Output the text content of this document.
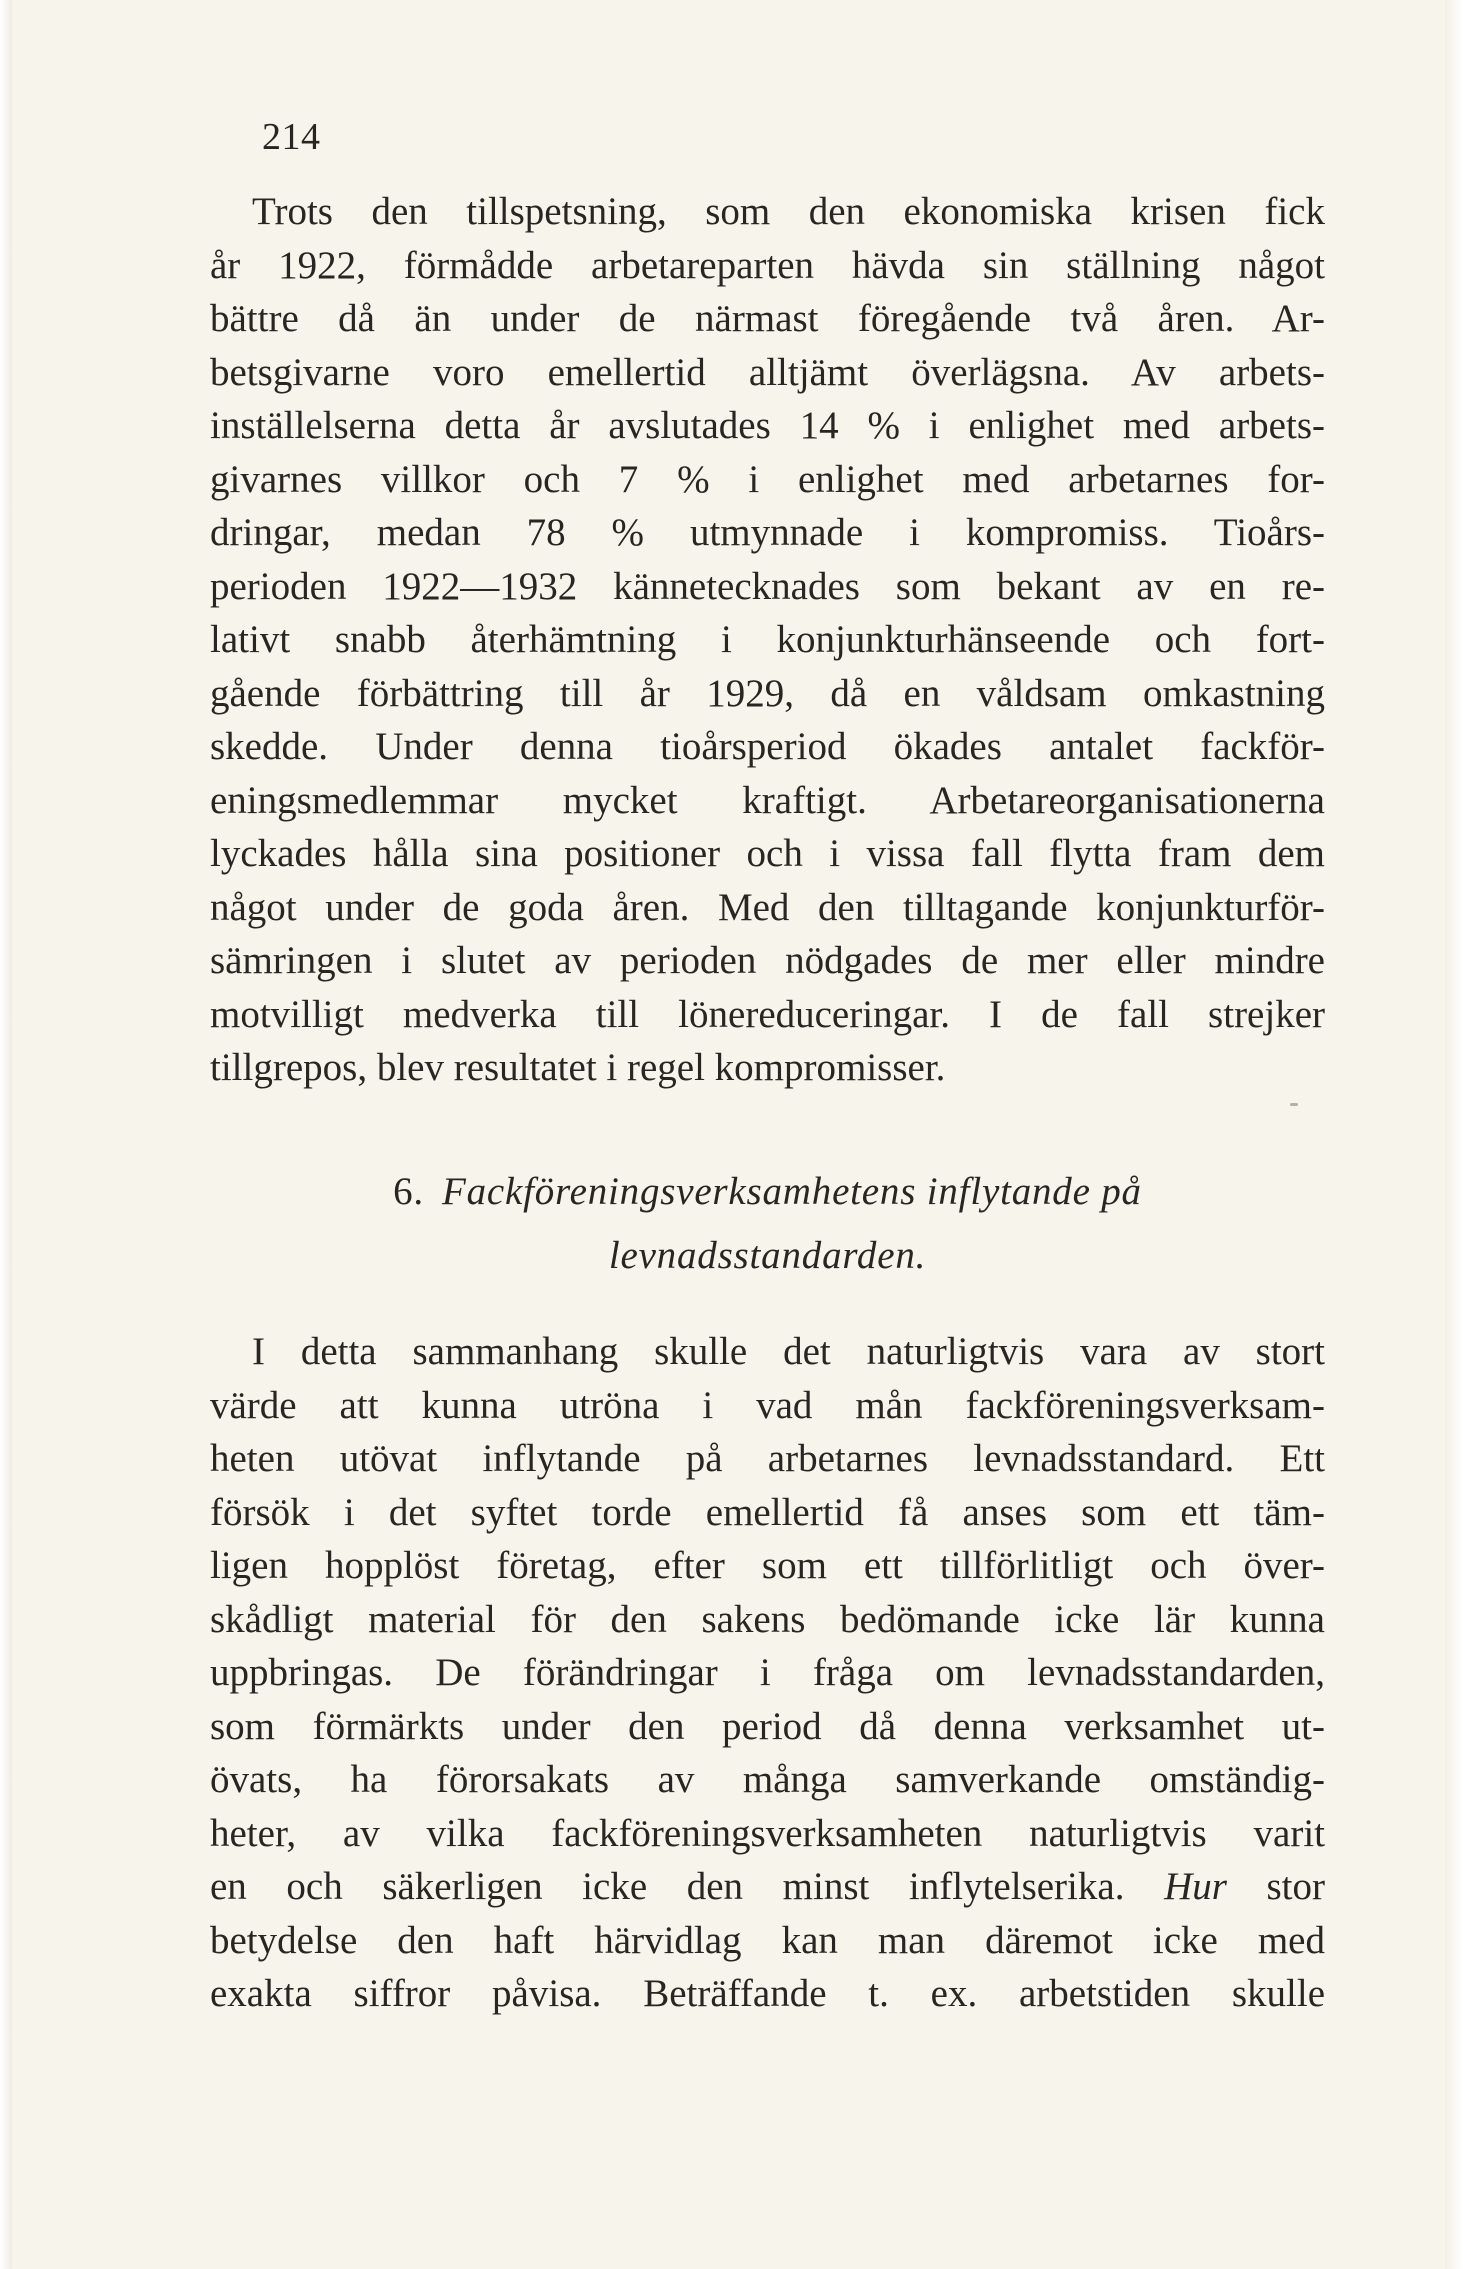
214
Trots den tillspetsning, som den ekonomiska krisen fick
år 1922, förmådde arbetareparten hävda sin ställning något
bättre då än under de närmast föregående två åren. Ar-
betsgivarne voro emellertid alltjämt överlägsna. Av arbets-
inställelserna detta år avslutades 14 % i enlighet med arbets-
givarnes villkor och 7 % i enlighet med arbetarnes for-
dringar, medan 78 % utmynnade i kompromiss. Tioårs-
perioden 1922—1932 kännetecknades som bekant av en re-
lativt snabb återhämtning i konjunkturhänseende och fort-
gående förbättring till år 1929, då en våldsam omkastning
skedde. Under denna tioårsperiod ökades antalet fackför-
eningsmedlemmar mycket kraftigt. Arbetareorganisationerna
lyckades hålla sina positioner och i vissa fall flytta fram dem
något under de goda åren. Med den tilltagande konjunkturför-
sämringen i slutet av perioden nödgades de mer eller mindre
motvilligt medverka till lönereduceringar. I de fall strejker
tillgrepos, blev resultatet i regel kompromisser.
6. Fackföreningsverksamhetens inflytande på
levnadsstandarden.
I detta sammanhang skulle det naturligtvis vara av stort
värde att kunna utröna i vad mån fackföreningsverksam-
heten utövat inflytande på arbetarnes levnadsstandard. Ett
försök i det syftet torde emellertid få anses som ett täm-
ligen hopplöst företag, efter som ett tillförlitligt och över-
skådligt material för den sakens bedömande icke lär kunna
uppbringas. De förändringar i fråga om levnadsstandarden,
som förmärkts under den period då denna verksamhet ut-
övats, ha förorsakats av många samverkande omständig-
heter, av vilka fackföreningsverksamheten naturligtvis varit
en och säkerligen icke den minst inflytelserika. Hur stor
betydelse den haft härvidlag kan man däremot icke med
exakta siffror påvisa. Beträffande t. ex. arbetstiden skulle
